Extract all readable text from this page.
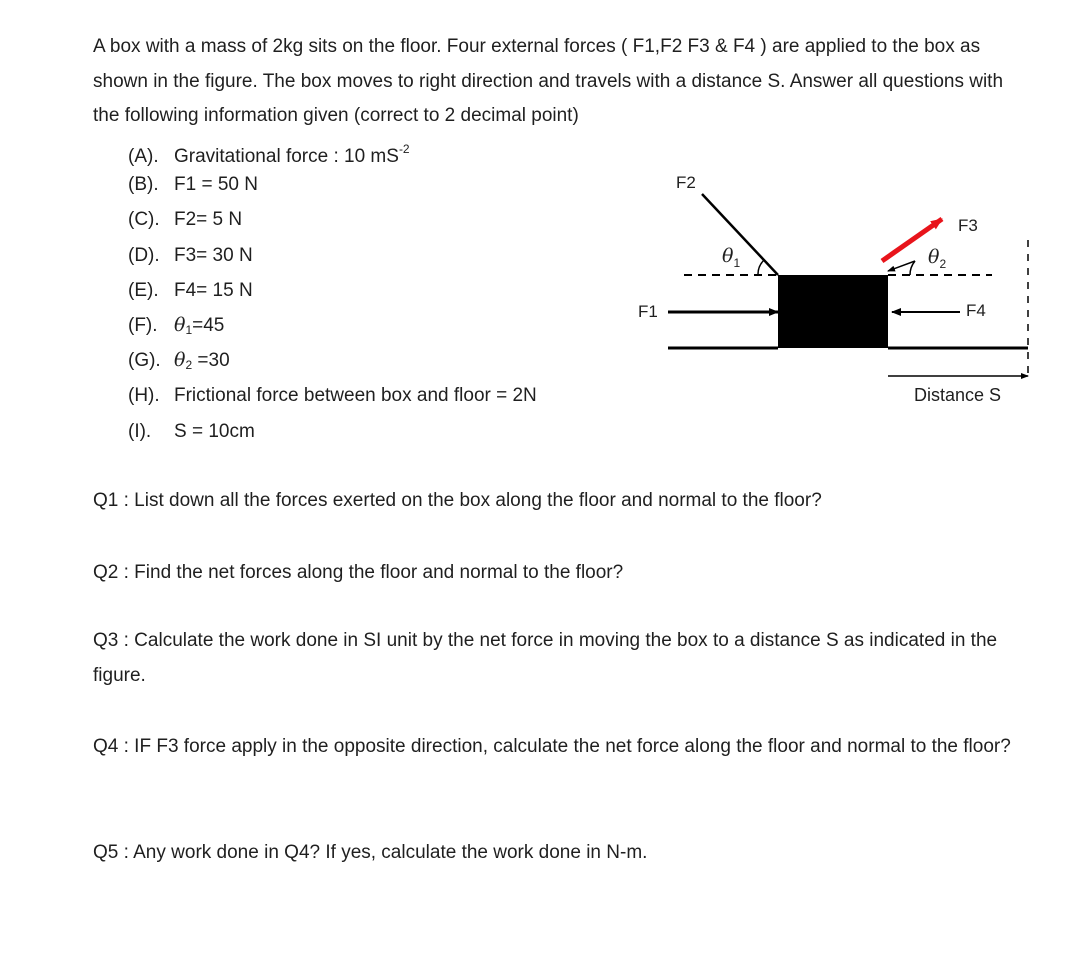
A box with a mass of 2kg sits on the floor. Four external forces ( F1,F2 F3 & F4 ) are applied to the box as shown in the figure. The box moves to right direction and travels with a distance S. Answer all questions with the following information given (correct to 2 decimal point)

(A). Gravitational force : 10 $mS^{-2}$
(B). F1 = 50 N
(C). F2= 5 N
(D). F3= 30 N
(E). F4= 15 N
(F). $\theta_1=45$
(G). $\theta_2 =30$
(H). Frictional force between box and floor = 2N
(I). S = 10cm
F1	F4
F2
$\theta_1$
F3
$\theta_2$
Distance S

Q1 : List down all the forces exerted on the box along the floor and normal to the floor?

Q2 : Find the net forces along the floor and normal to the floor?

Q3 : Calculate the work done in SI unit by the net force in moving the box to a distance S as indicated in the figure.

Q4 : IF F3 force apply in the opposite direction, calculate the net force along the floor and normal to the floor?

Q5 : Any work done in Q4? If yes, calculate the work done in N-m.
